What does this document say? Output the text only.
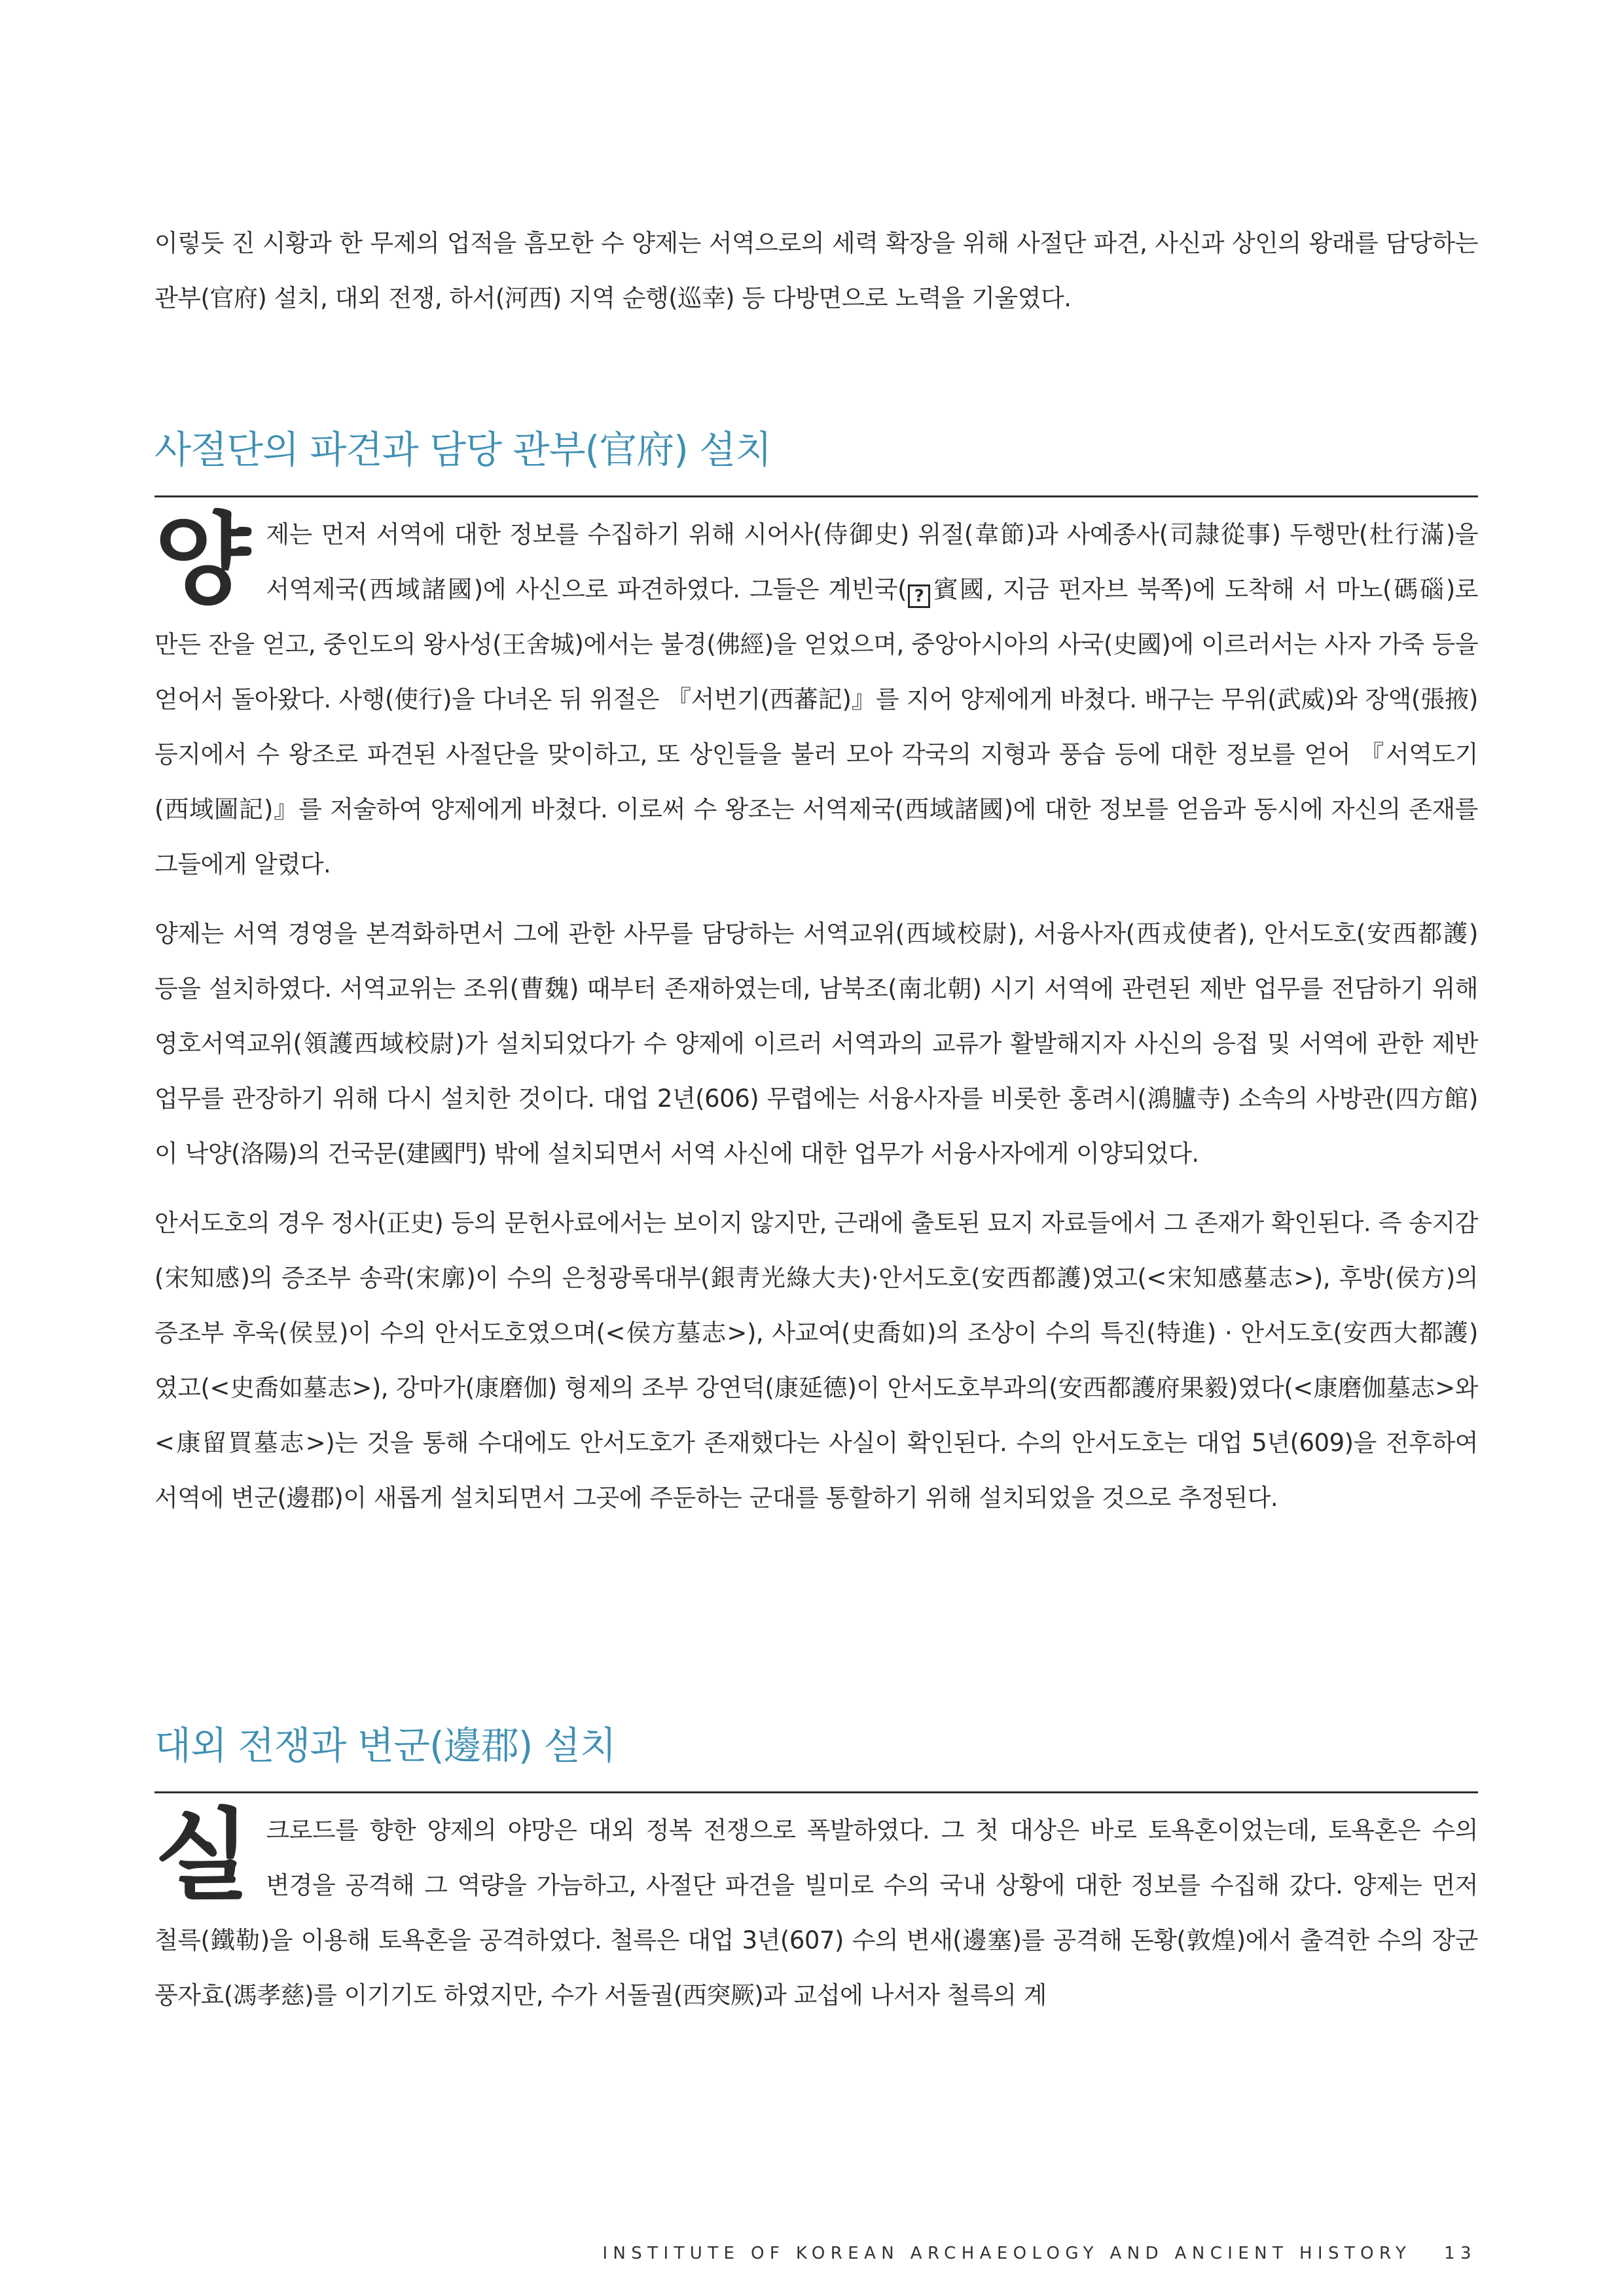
이렇듯 진 시황과 한 무제의 업적을 흠모한 수 양제는 서역으로의 세력 확장을 위해 사절단 파견, 사신과 상인의 왕래를 담당하는 관부(官府) 설치, 대외 전쟁, 하서(河西) 지역 순행(巡幸) 등 다방면으로 노력을 기울였다.

사절단의 파견과 담당 관부(官府) 설치

양제는 먼저 서역에 대한 정보를 수집하기 위해 시어사(侍御史) 위절(韋節)과 사예종사(司隷從事) 두행만(杜行滿)을 서역제국(西域諸國)에 사신으로 파견하였다. 그들은 계빈국( ? 賓國, 지금 펀자브 북쪽)에 도착해 서 마노(碼碯)로 만든 잔을 얻고, 중인도의 왕사성(王舍城)에서는 불경(佛經)을 얻었으며, 중앙아시아의 사국(史國)에 이르러서는 사자 가죽 등을 얻어서 돌아왔다. 사행(使行)을 다녀온 뒤 위절은 『서번기(西蕃記)』를 지어 양제에게 바쳤다. 배구는 무위(武威)와 장액(張掖) 등지에서 수 왕조로 파견된 사절단을 맞이하고, 또 상인들을 불러 모아 각국의 지형과 풍습 등에 대한 정보를 얻어 『서역도기(西域圖記)』를 저술하여 양제에게 바쳤다. 이로써 수 왕조는 서역제국(西域諸國)에 대한 정보를 얻음과 동시에 자신의 존재를 그들에게 알렸다.

양제는 서역 경영을 본격화하면서 그에 관한 사무를 담당하는 서역교위(西域校尉), 서융사자(西戎使者), 안서도호(安西都護) 등을 설치하였다. 서역교위는 조위(曹魏) 때부터 존재하였는데, 남북조(南北朝) 시기 서역에 관련된 제반 업무를 전담하기 위해 영호서역교위(領護西域校尉)가 설치되었다가 수 양제에 이르러 서역과의 교류가 활발해지자 사신의 응접 및 서역에 관한 제반 업무를 관장하기 위해 다시 설치한 것이다. 대업 2년(606) 무렵에는 서융사자를 비롯한 홍려시(鴻臚寺) 소속의 사방관(四方館)이 낙양(洛陽)의 건국문(建國門) 밖에 설치되면서 서역 사신에 대한 업무가 서융사자에게 이양되었다.

안서도호의 경우 정사(正史) 등의 문헌사료에서는 보이지 않지만, 근래에 출토된 묘지 자료들에서 그 존재가 확인된다. 즉 송지감(宋知感)의 증조부 송곽(宋廓)이 수의 은청광록대부(銀靑光綠大夫)·안서도호(安西都護)였고(<宋知感墓志>), 후방(侯方)의 증조부 후욱(侯昱)이 수의 안서도호였으며(<侯方墓志>), 사교여(史喬如)의 조상이 수의 특진(特進) · 안서도호(安西大都護)였고(<史喬如墓志>), 강마가(康磨伽) 형제의 조부 강연덕(康延德)이 안서도호부과의(安西都護府果毅)였다(<康磨伽墓志>와 <康留買墓志>)는 것을 통해 수대에도 안서도호가 존재했다는 사실이 확인된다. 수의 안서도호는 대업 5년(609)을 전후하여 서역에 변군(邊郡)이 새롭게 설치되면서 그곳에 주둔하는 군대를 통할하기 위해 설치되었을 것으로 추정된다.

대외 전쟁과 변군(邊郡) 설치

실크로드를 향한 양제의 야망은 대외 정복 전쟁으로 폭발하였다. 그 첫 대상은 바로 토욕혼이었는데, 토욕혼은 수의 변경을 공격해 그 역량을 가늠하고, 사절단 파견을 빌미로 수의 국내 상황에 대한 정보를 수집해 갔다. 양제는 먼저 철륵(鐵勒)을 이용해 토욕혼을 공격하였다. 철륵은 대업 3년(607) 수의 변새(邊塞)를 공격해 돈황(敦煌)에서 출격한 수의 장군 풍자효(馮孝慈)를 이기기도 하였지만, 수가 서돌궐(西突厥)과 교섭에 나서자 철륵의 계

INSTITUTE OF KOREAN ARCHAEOLOGY AND ANCIENT HISTORY 13
